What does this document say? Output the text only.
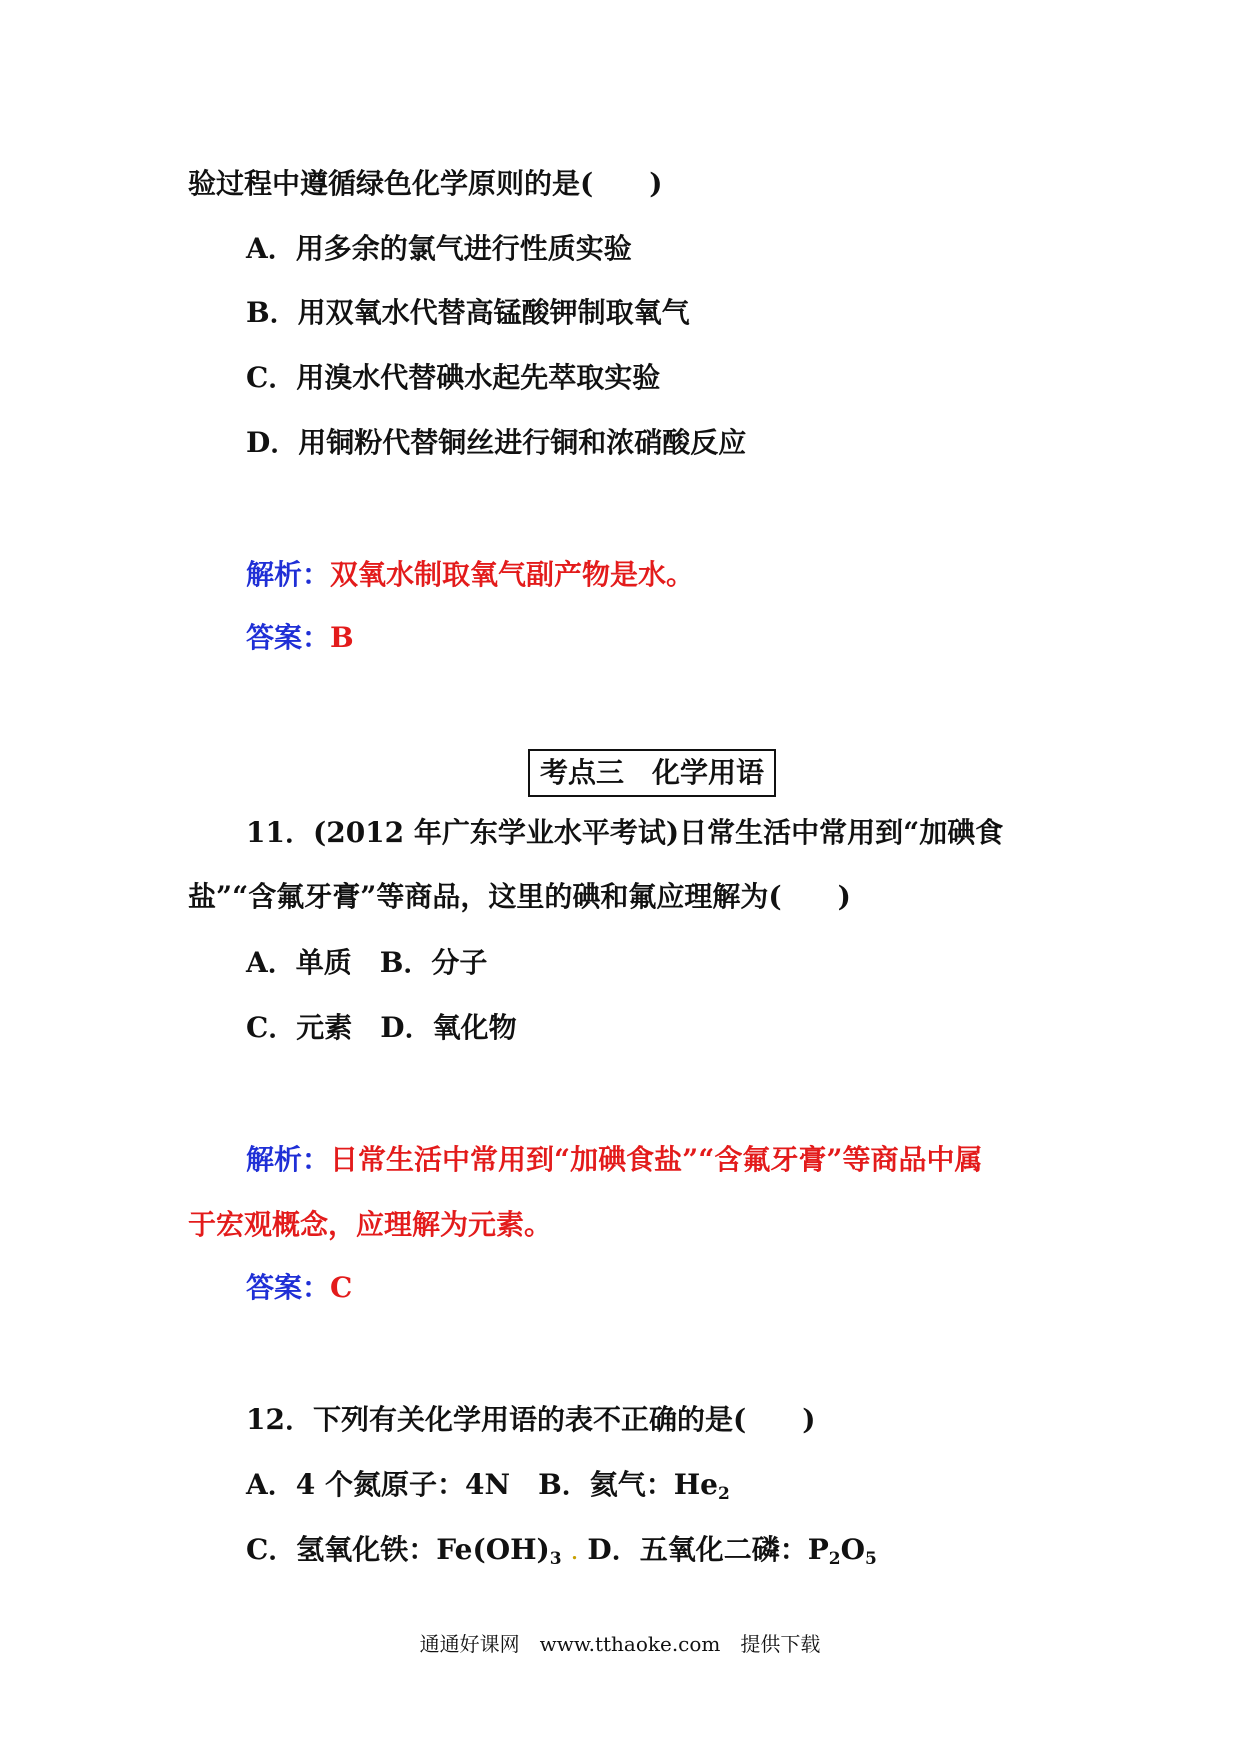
验过程中遵循绿色化学原则的是(　　)
A．用多余的氯气进行性质实验
B．用双氧水代替高锰酸钾制取氧气
C．用溴水代替碘水起先萃取实验
D．用铜粉代替铜丝进行铜和浓硝酸反应
解析：双氧水制取氧气副产物是水。
答案：B
考点三　化学用语
11．(2012 年广东学业水平考试)日常生活中常用到“加碘食
盐”“含氟牙膏”等商品，这里的碘和氟应理解为(　　)
A．单质　B．分子
C．元素　D．氧化物
解析：日常生活中常用到“加碘食盐”“含氟牙膏”等商品中属
于宏观概念，应理解为元素。
答案：C
12．下列有关化学用语的表不正确的是(　　)
A．4 个氮原子：4N　 B．氦气：$He_2$
C．氢氧化铁：$Fe(OH)_3$ . D．五氧化二磷：$P_2O_5$
通通好课网　www.tthaoke.com　提供下载
